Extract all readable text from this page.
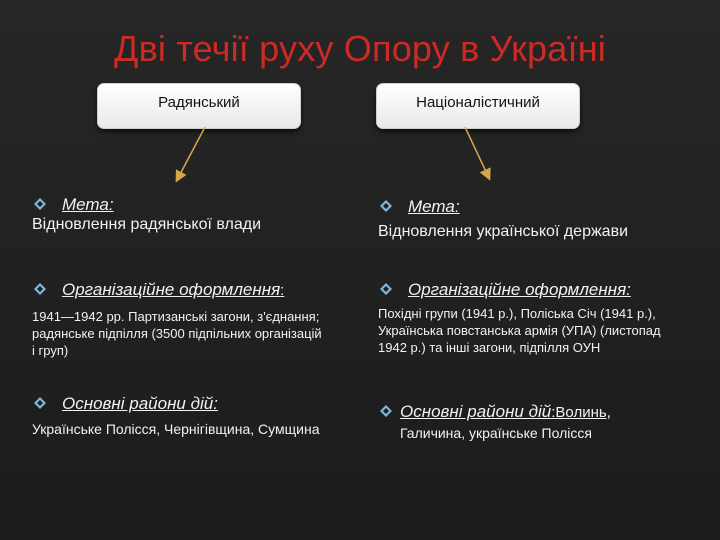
Дві течії руху Опору в Україні
Радянський	Націоналістичний
Мета:
Відновлення радянської влади
Організаційне оформлення:
1941—1942 рр. Партизанські загони, з'єднання; радянське підпілля (3500 підпільних організацій і груп)
Основні райони дій:
Українське Полісся, Чернігівщина, Сумщина
Мета:
Відновлення української держави
Організаційне оформлення:
Похідні групи (1941 р.), Поліська Січ (1941 р.), Українська повстанська армія (УПА) (листопад 1942 р.) та інші загони, підпілля ОУН
Основні райони дій:Волинь,
Галичина, українське Полісся
